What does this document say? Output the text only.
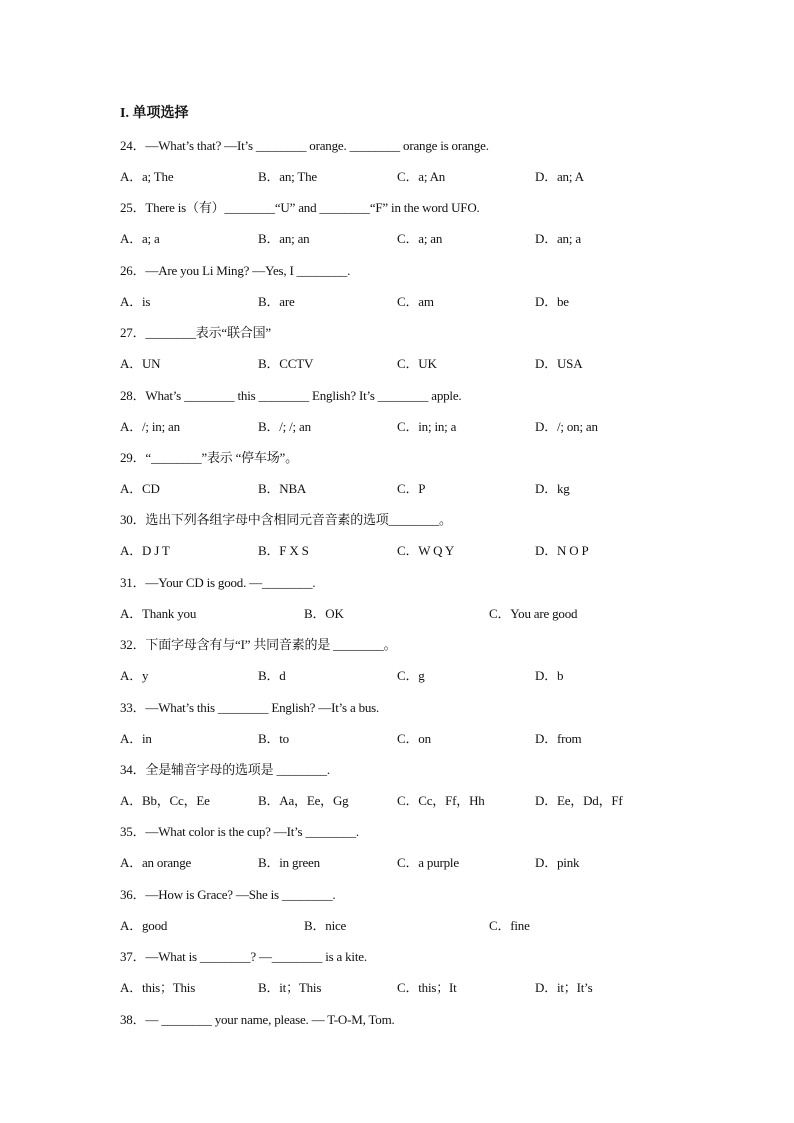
I. 单项选择
24．—What’s that? —It’s ________ orange. ________ orange is orange.
A．a; The	B．an; The	C．a; An	D．an; A
25．There is（有）________“U” and ________“F” in the word UFO.
A．a; a	B．an; an	C．a; an	D．an; a
26．—Are you Li Ming? —Yes, I ________.
A．is	B．are	C．am	D．be
27．________表示“联合国”
A．UN	B．CCTV	C．UK	D．USA
28．What’s ________ this ________ English? It’s ________ apple.
A．/; in; an	B．/; /; an	C．in; in; a	D．/; on; an
29．“________”表示 “停车场”。
A．CD	B．NBA	C．P	D．kg
30．选出下列各组字母中含相同元音音素的选项________。
A．D J T	B．F X S	C．W Q Y	D．N O P
31．—Your CD is good. —________.
A．Thank you	B．OK	C．You are good
32．下面字母含有与“I” 共同音素的是 ________。
A．y	B．d	C．g	D．b
33．—What’s this ________ English? —It’s a bus.
A．in	B．to	C．on	D．from
34．全是辅音字母的选项是 ________.
A．Bb，Cc，Ee	B．Aa，Ee，Gg	C．Cc，Ff，Hh	D．Ee，Dd，Ff
35．—What color is the cup? —It’s ________.
A．an orange	B．in green	C．a purple	D．pink
36．—How is Grace? —She is ________.
A．good	B．nice	C．fine
37．—What is ________? —________ is a kite.
A．this；This	B．it；This	C．this；It	D．it；It’s
38．— ________ your name, please. — T-O-M, Tom.
